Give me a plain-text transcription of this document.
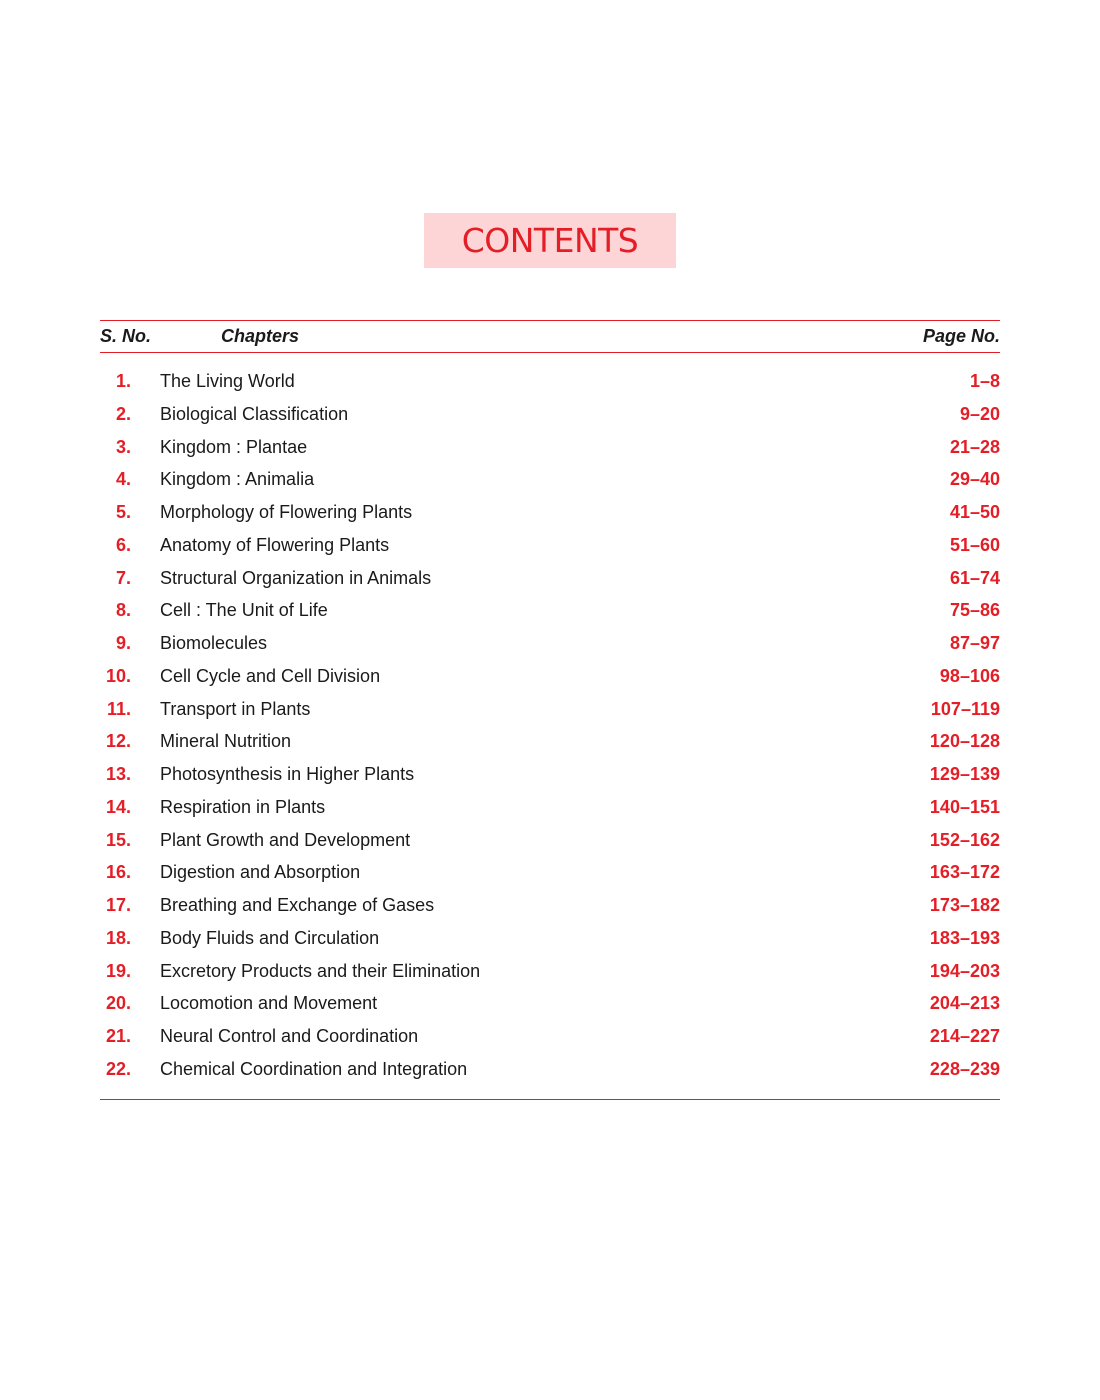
CONTENTS
S. No.	Chapters	Page No.
1. The Living World	1–8
2. Biological Classification	9–20
3. Kingdom : Plantae	21–28
4. Kingdom : Animalia	29–40
5. Morphology of Flowering Plants	41–50
6. Anatomy of Flowering Plants	51–60
7. Structural Organization in Animals	61–74
8. Cell : The Unit of Life	75–86
9. Biomolecules	87–97
10. Cell Cycle and Cell Division	98–106
11. Transport in Plants	107–119
12. Mineral Nutrition	120–128
13. Photosynthesis in Higher Plants	129–139
14. Respiration in Plants	140–151
15. Plant Growth and Development	152–162
16. Digestion and Absorption	163–172
17. Breathing and Exchange of Gases	173–182
18. Body Fluids and Circulation	183–193
19. Excretory Products and their Elimination	194–203
20. Locomotion and Movement	204–213
21. Neural Control and Coordination	214–227
22. Chemical Coordination and Integration	228–239
